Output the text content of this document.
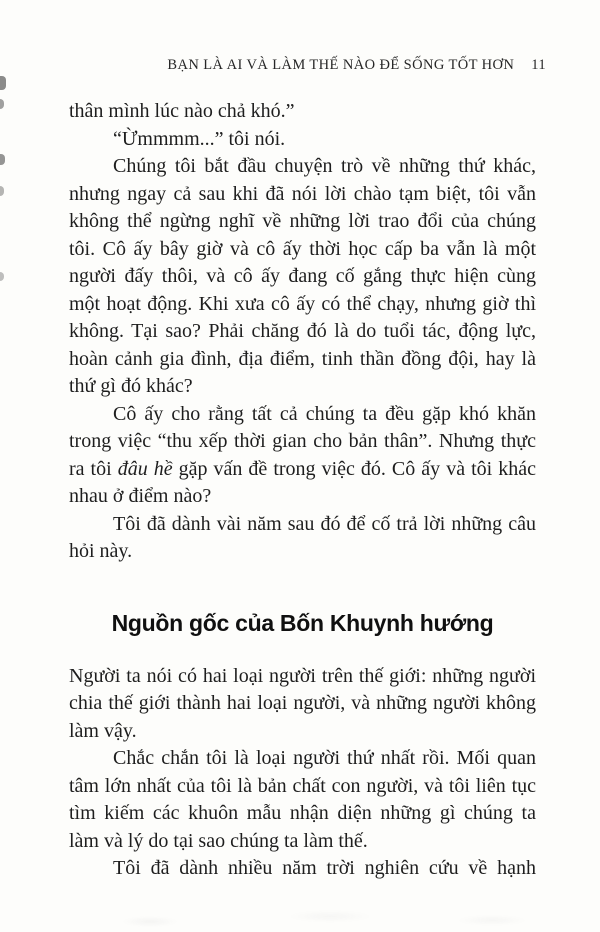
BẠN LÀ AI VÀ LÀM THẾ NÀO ĐỂ SỐNG TỐT HƠN 11
thân mình lúc nào chả khó.”
“Ừmmmm...” tôi nói.
Chúng tôi bắt đầu chuyện trò về những thứ khác,
nhưng ngay cả sau khi đã nói lời chào tạm biệt, tôi vẫn
không thể ngừng nghĩ về những lời trao đổi của chúng
tôi. Cô ấy bây giờ và cô ấy thời học cấp ba vẫn là một
người đấy thôi, và cô ấy đang cố gắng thực hiện cùng
một hoạt động. Khi xưa cô ấy có thể chạy, nhưng giờ thì
không. Tại sao? Phải chăng đó là do tuổi tác, động lực,
hoàn cảnh gia đình, địa điểm, tinh thần đồng đội, hay là
thứ gì đó khác?
Cô ấy cho rằng tất cả chúng ta đều gặp khó khăn
trong việc “thu xếp thời gian cho bản thân”. Nhưng thực
ra tôi đâu hề gặp vấn đề trong việc đó. Cô ấy và tôi khác
nhau ở điểm nào?
Tôi đã dành vài năm sau đó để cố trả lời những câu
hỏi này.
Nguồn gốc của Bốn Khuynh hướng
Người ta nói có hai loại người trên thế giới: những người
chia thế giới thành hai loại người, và những người không
làm vậy.
Chắc chắn tôi là loại người thứ nhất rồi. Mối quan
tâm lớn nhất của tôi là bản chất con người, và tôi liên tục
tìm kiếm các khuôn mẫu nhận diện những gì chúng ta
làm và lý do tại sao chúng ta làm thế.
Tôi đã dành nhiều năm trời nghiên cứu về hạnh
